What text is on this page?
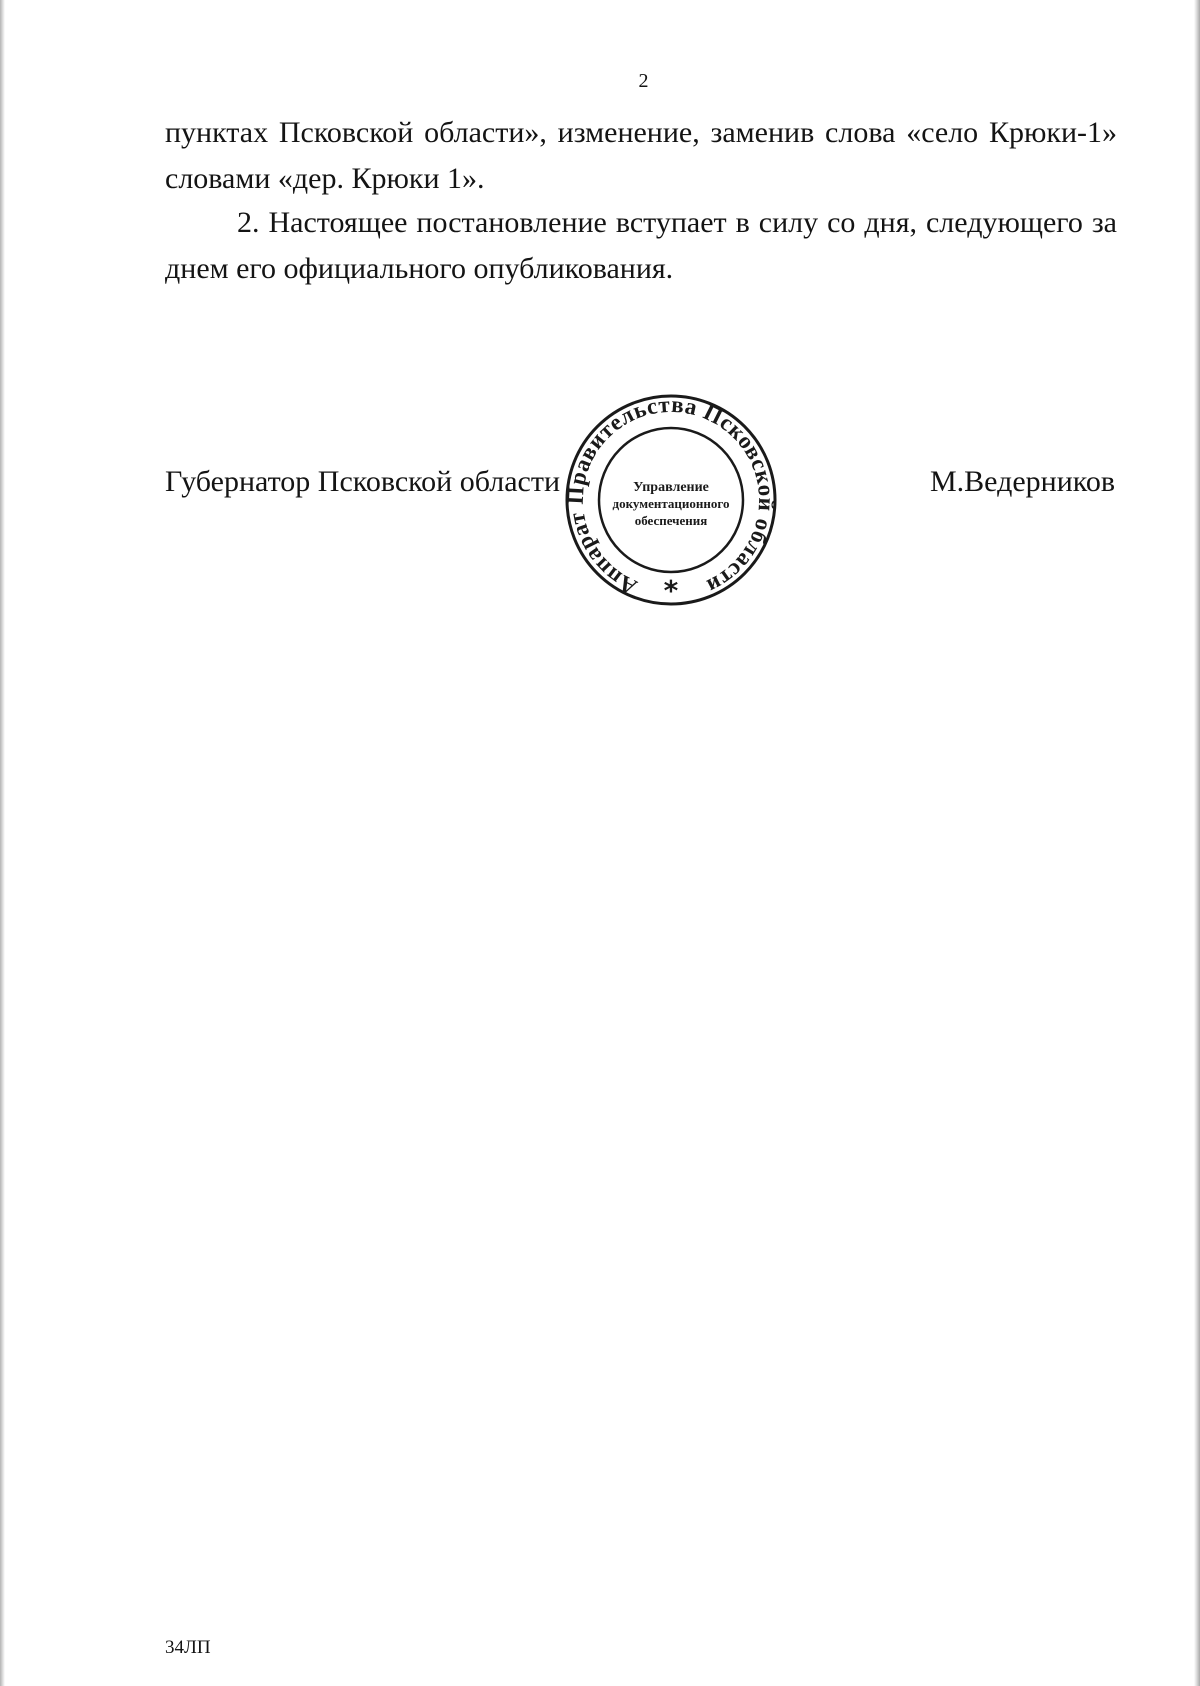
2

пунктах Псковской области», изменение, заменив слова «село Крюки-1» словами «дер. Крюки 1».

2. Настоящее постановление вступает в силу со дня, следующего за днем его официального опубликования.

Губернатор Псковской области
Аппарат Правительства Псковской области
Управление
документационного
обеспечения
*
М.Ведерников
34ЛП
